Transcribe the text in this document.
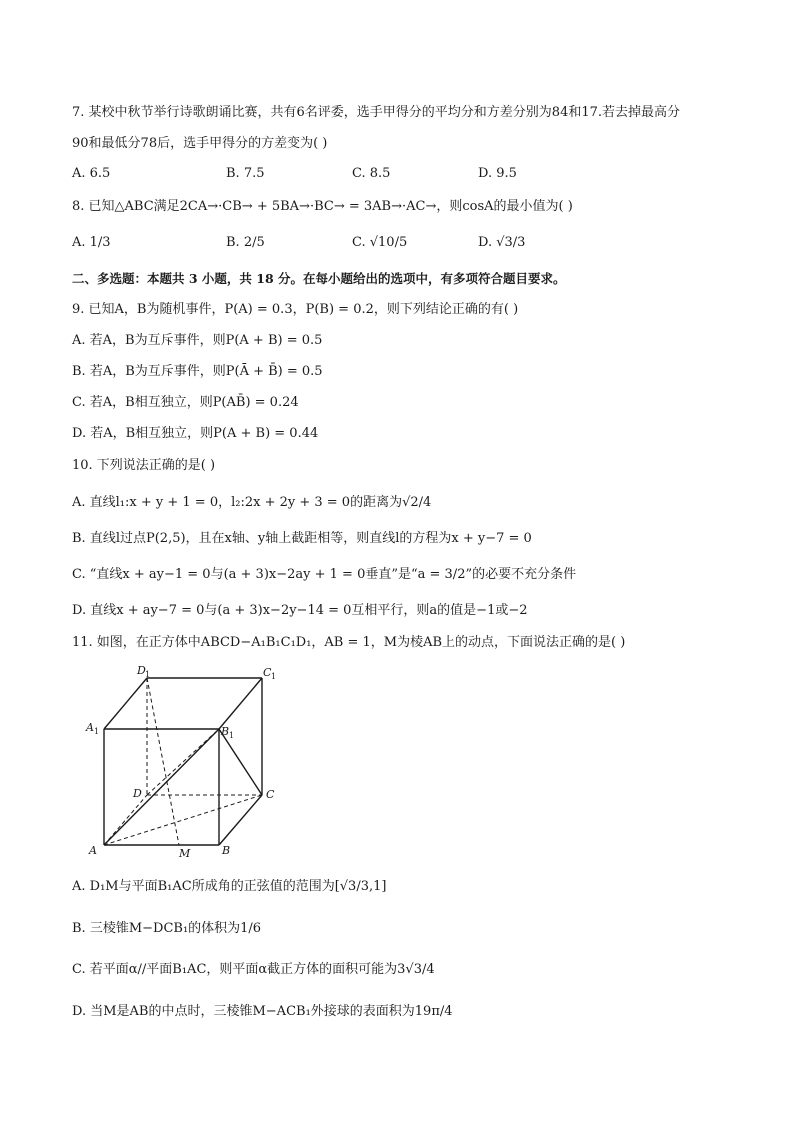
7. 某校中秋节举行诗歌朗诵比赛，共有6名评委，选手甲得分的平均分和方差分别为84和17.若去掉最高分
90和最低分78后，选手甲得分的方差变为( )
A. 6.5	B. 7.5	C. 8.5	D. 9.5
8. 已知△ABC满足2CA→·CB→ + 5BA→·BC→ = 3AB→·AC→，则cosA的最小值为( )
A. 1/3	B. 2/5	C. √10/5	D. √3/3
二、多选题：本题共 3 小题，共 18 分。在每小题给出的选项中，有多项符合题目要求。
9. 已知A，B为随机事件，P(A) = 0.3，P(B) = 0.2，则下列结论正确的有( )
A. 若A，B为互斥事件，则P(A + B) = 0.5
B. 若A，B为互斥事件，则P(Ā + B̄) = 0.5
C. 若A，B相互独立，则P(AB̄) = 0.24
D. 若A，B相互独立，则P(A + B) = 0.44
10. 下列说法正确的是( )
A. 直线l₁:x + y + 1 = 0，l₂:2x + 2y + 3 = 0的距离为√2/4
B. 直线l过点P(2,5)，且在x轴、y轴上截距相等，则直线l的方程为x + y−7 = 0
C. “直线x + ay−1 = 0与(a + 3)x−2ay + 1 = 0垂直”是“a = 3/2”的必要不充分条件
D. 直线x + ay−7 = 0与(a + 3)x−2y−14 = 0互相平行，则a的值是−1或−2
11. 如图，在正方体中ABCD−A₁B₁C₁D₁，AB = 1，M为棱AB上的动点，下面说法正确的是( )
D 1	C 1
A 1	B 1
D	C
A	M	B
A. D₁M与平面B₁AC所成角的正弦值的范围为[√3/3,1]
B. 三棱锥M−DCB₁的体积为1/6
C. 若平面α//平面B₁AC，则平面α截正方体的面积可能为3√3/4
D. 当M是AB的中点时，三棱锥M−ACB₁外接球的表面积为19π/4
